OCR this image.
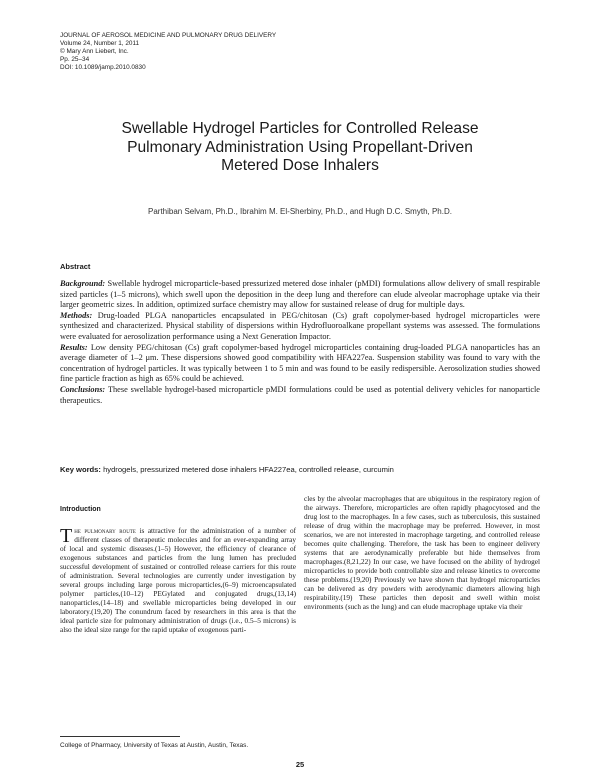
JOURNAL OF AEROSOL MEDICINE AND PULMONARY DRUG DELIVERY
Volume 24, Number 1, 2011
© Mary Ann Liebert, Inc.
Pp. 25–34
DOI: 10.1089/jamp.2010.0830
Swellable Hydrogel Particles for Controlled Release
Pulmonary Administration Using Propellant-Driven
Metered Dose Inhalers
Parthiban Selvam, Ph.D., Ibrahim M. El-Sherbiny, Ph.D., and Hugh D.C. Smyth, Ph.D.
Abstract

Background: Swellable hydrogel microparticle-based pressurized metered dose inhaler (pMDI) formulations allow delivery of small respirable sized particles (1–5 microns), which swell upon the deposition in the deep lung and therefore can elude alveolar macrophage uptake via their larger geometric sizes. In addition, optimized surface chemistry may allow for sustained release of drug for multiple days.

Methods: Drug-loaded PLGA nanoparticles encapsulated in PEG/chitosan (Cs) graft copolymer-based hydrogel microparticles were synthesized and characterized. Physical stability of dispersions within Hydrofluoroalkane propellant systems was assessed. The formulations were evaluated for aerosolization performance using a Next Generation Impactor.

Results: Low density PEG/chitosan (Cs) graft copolymer-based hydrogel microparticles containing drug-loaded PLGA nanoparticles has an average diameter of 1–2 μm. These dispersions showed good compatibility with HFA227ea. Suspension stability was found to vary with the concentration of hydrogel particles. It was typically between 1 to 5 min and was found to be easily redispersible. Aerosolization studies showed fine particle fraction as high as 65% could be achieved.

Conclusions: These swellable hydrogel-based microparticle pMDI formulations could be used as potential delivery vehicles for nanoparticle therapeutics.

Key words: hydrogels, pressurized metered dose inhalers HFA227ea, controlled release, curcumin
Introduction

The pulmonary route is attractive for the administration of a number of different classes of therapeutic molecules and for an ever-expanding array of local and systemic diseases.(1–5) However, the efficiency of clearance of exogenous substances and particles from the lung lumen has precluded successful development of sustained or controlled release carriers for this route of administration. Several technologies are currently under investigation by several groups including large porous microparticles,(6–9) microencapsulated polymer particles,(10–12) PEGylated and conjugated drugs,(13,14) nanoparticles,(14–18) and swellable microparticles being developed in our laboratory.(19,20) The conundrum faced by researchers in this area is that the ideal particle size for pulmonary administration of drugs (i.e., 0.5–5 microns) is also the ideal size range for the rapid uptake of exogenous parti-

cles by the alveolar macrophages that are ubiquitous in the respiratory region of the airways. Therefore, microparticles are often rapidly phagocytosed and the drug lost to the macrophages. In a few cases, such as tuberculosis, this sustained release of drug within the macrophage may be preferred. However, in most scenarios, we are not interested in macrophage targeting, and controlled release becomes quite challenging. Therefore, the task has been to engineer delivery systems that are aerodynamically preferable but hide themselves from macrophages.(8,21,22) In our case, we have focused on the ability of hydrogel microparticles to provide both controllable size and release kinetics to overcome these problems.(19,20) Previously we have shown that hydrogel microparticles can be delivered as dry powders with aerodynamic diameters allowing high respirability.(19) These particles then deposit and swell within moist environments (such as the lung) and can elude macrophage uptake via their

College of Pharmacy, University of Texas at Austin, Austin, Texas.
25
